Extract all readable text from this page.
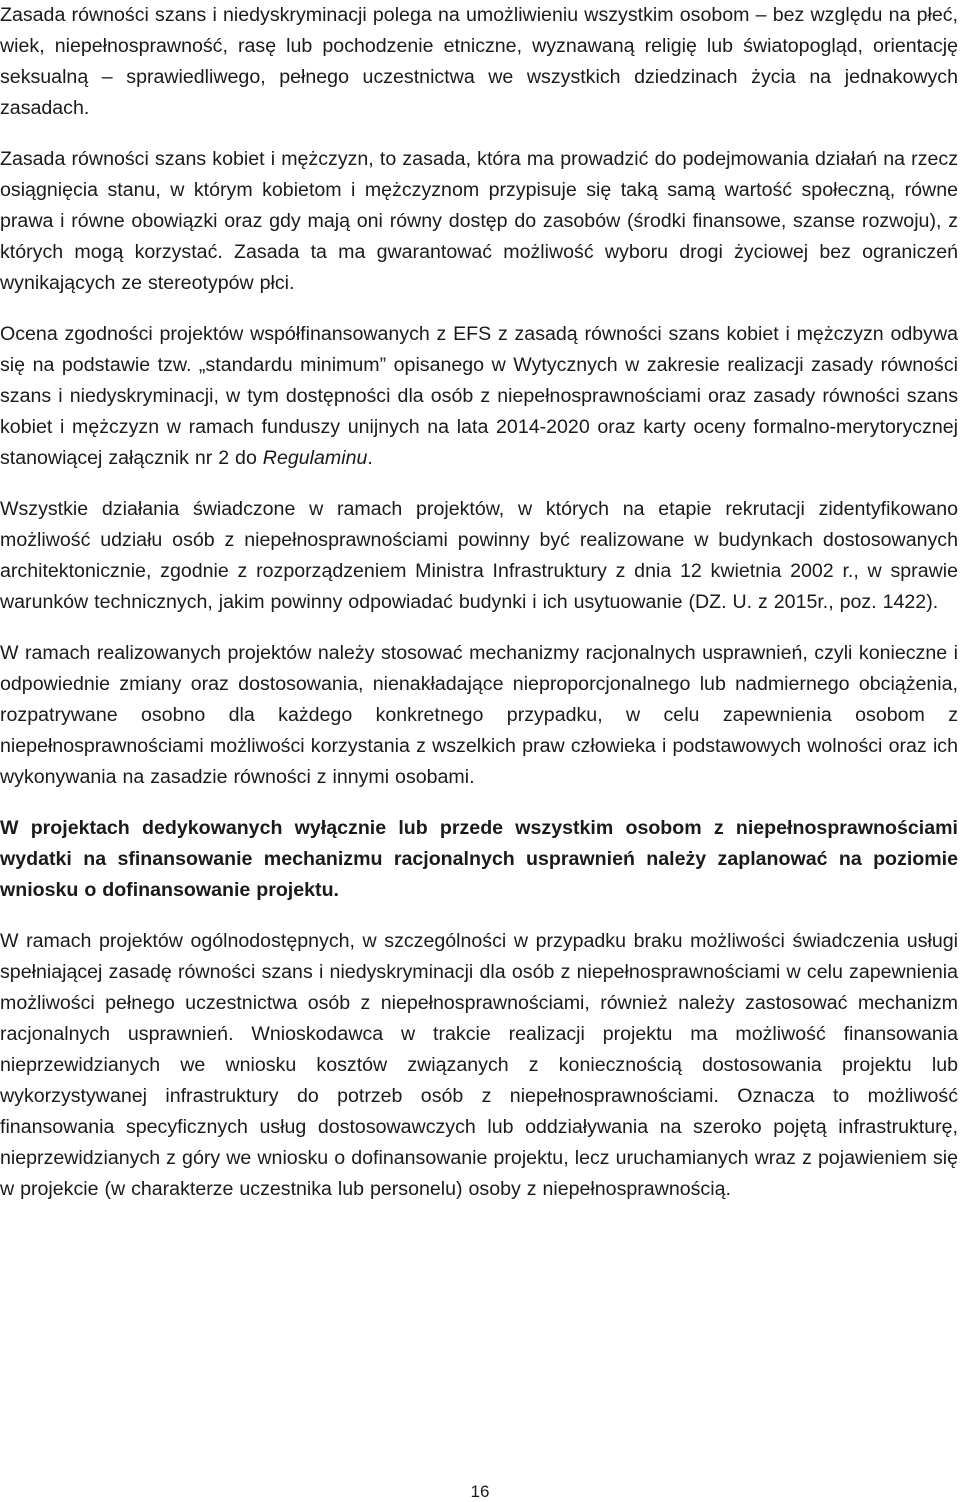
Zasada równości szans i niedyskryminacji polega na umożliwieniu wszystkim osobom – bez względu na płeć, wiek, niepełnosprawność, rasę lub pochodzenie etniczne, wyznawaną religię lub światopogląd, orientację seksualną – sprawiedliwego, pełnego uczestnictwa we wszystkich dziedzinach życia na jednakowych zasadach.

Zasada równości szans kobiet i mężczyzn, to zasada, która ma prowadzić do podejmowania działań na rzecz osiągnięcia stanu, w którym kobietom i mężczyznom przypisuje się taką samą wartość społeczną, równe prawa i równe obowiązki oraz gdy mają oni równy dostęp do zasobów (środki finansowe, szanse rozwoju), z których mogą korzystać. Zasada ta ma gwarantować możliwość wyboru drogi życiowej bez ograniczeń wynikających ze stereotypów płci.

Ocena zgodności projektów współfinansowanych z EFS z zasadą równości szans kobiet i mężczyzn odbywa się na podstawie tzw. „standardu minimum” opisanego w Wytycznych w zakresie realizacji zasady równości szans i niedyskryminacji, w tym dostępności dla osób z niepełnosprawnościami oraz zasady równości szans kobiet i mężczyzn w ramach funduszy unijnych na lata 2014-2020 oraz karty oceny formalno-merytorycznej stanowiącej załącznik nr 2 do Regulaminu.

Wszystkie działania świadczone w ramach projektów, w których na etapie rekrutacji zidentyfikowano możliwość udziału osób z niepełnosprawnościami powinny być realizowane w budynkach dostosowanych architektonicznie, zgodnie z rozporządzeniem Ministra Infrastruktury z dnia 12 kwietnia 2002 r., w sprawie warunków technicznych, jakim powinny odpowiadać budynki i ich usytuowanie (DZ. U. z 2015r., poz. 1422).

W ramach realizowanych projektów należy stosować mechanizmy racjonalnych usprawnień, czyli konieczne i odpowiednie zmiany oraz dostosowania, nienakładające nieproporcjonalnego lub nadmiernego obciążenia, rozpatrywane osobno dla każdego konkretnego przypadku, w celu zapewnienia osobom z niepełnosprawnościami możliwości korzystania z wszelkich praw człowieka i podstawowych wolności oraz ich wykonywania na zasadzie równości z innymi osobami.

W projektach dedykowanych wyłącznie lub przede wszystkim osobom z niepełnosprawnościami wydatki na sfinansowanie mechanizmu racjonalnych usprawnień należy zaplanować na poziomie wniosku o dofinansowanie projektu.

W ramach projektów ogólnodostępnych, w szczególności w przypadku braku możliwości świadczenia usługi spełniającej zasadę równości szans i niedyskryminacji dla osób z niepełnosprawnościami w celu zapewnienia możliwości pełnego uczestnictwa osób z niepełnosprawnościami, również należy zastosować mechanizm racjonalnych usprawnień. Wnioskodawca w trakcie realizacji projektu ma możliwość finansowania nieprzewidzianych we wniosku kosztów związanych z koniecznością dostosowania projektu lub wykorzystywanej infrastruktury do potrzeb osób z niepełnosprawnościami. Oznacza to możliwość finansowania specyficznych usług dostosowawczych lub oddziaływania na szeroko pojętą infrastrukturę, nieprzewidzianych z góry we wniosku o dofinansowanie projektu, lecz uruchamianych wraz z pojawieniem się w projekcie (w charakterze uczestnika lub personelu) osoby z niepełnosprawnością.

16
